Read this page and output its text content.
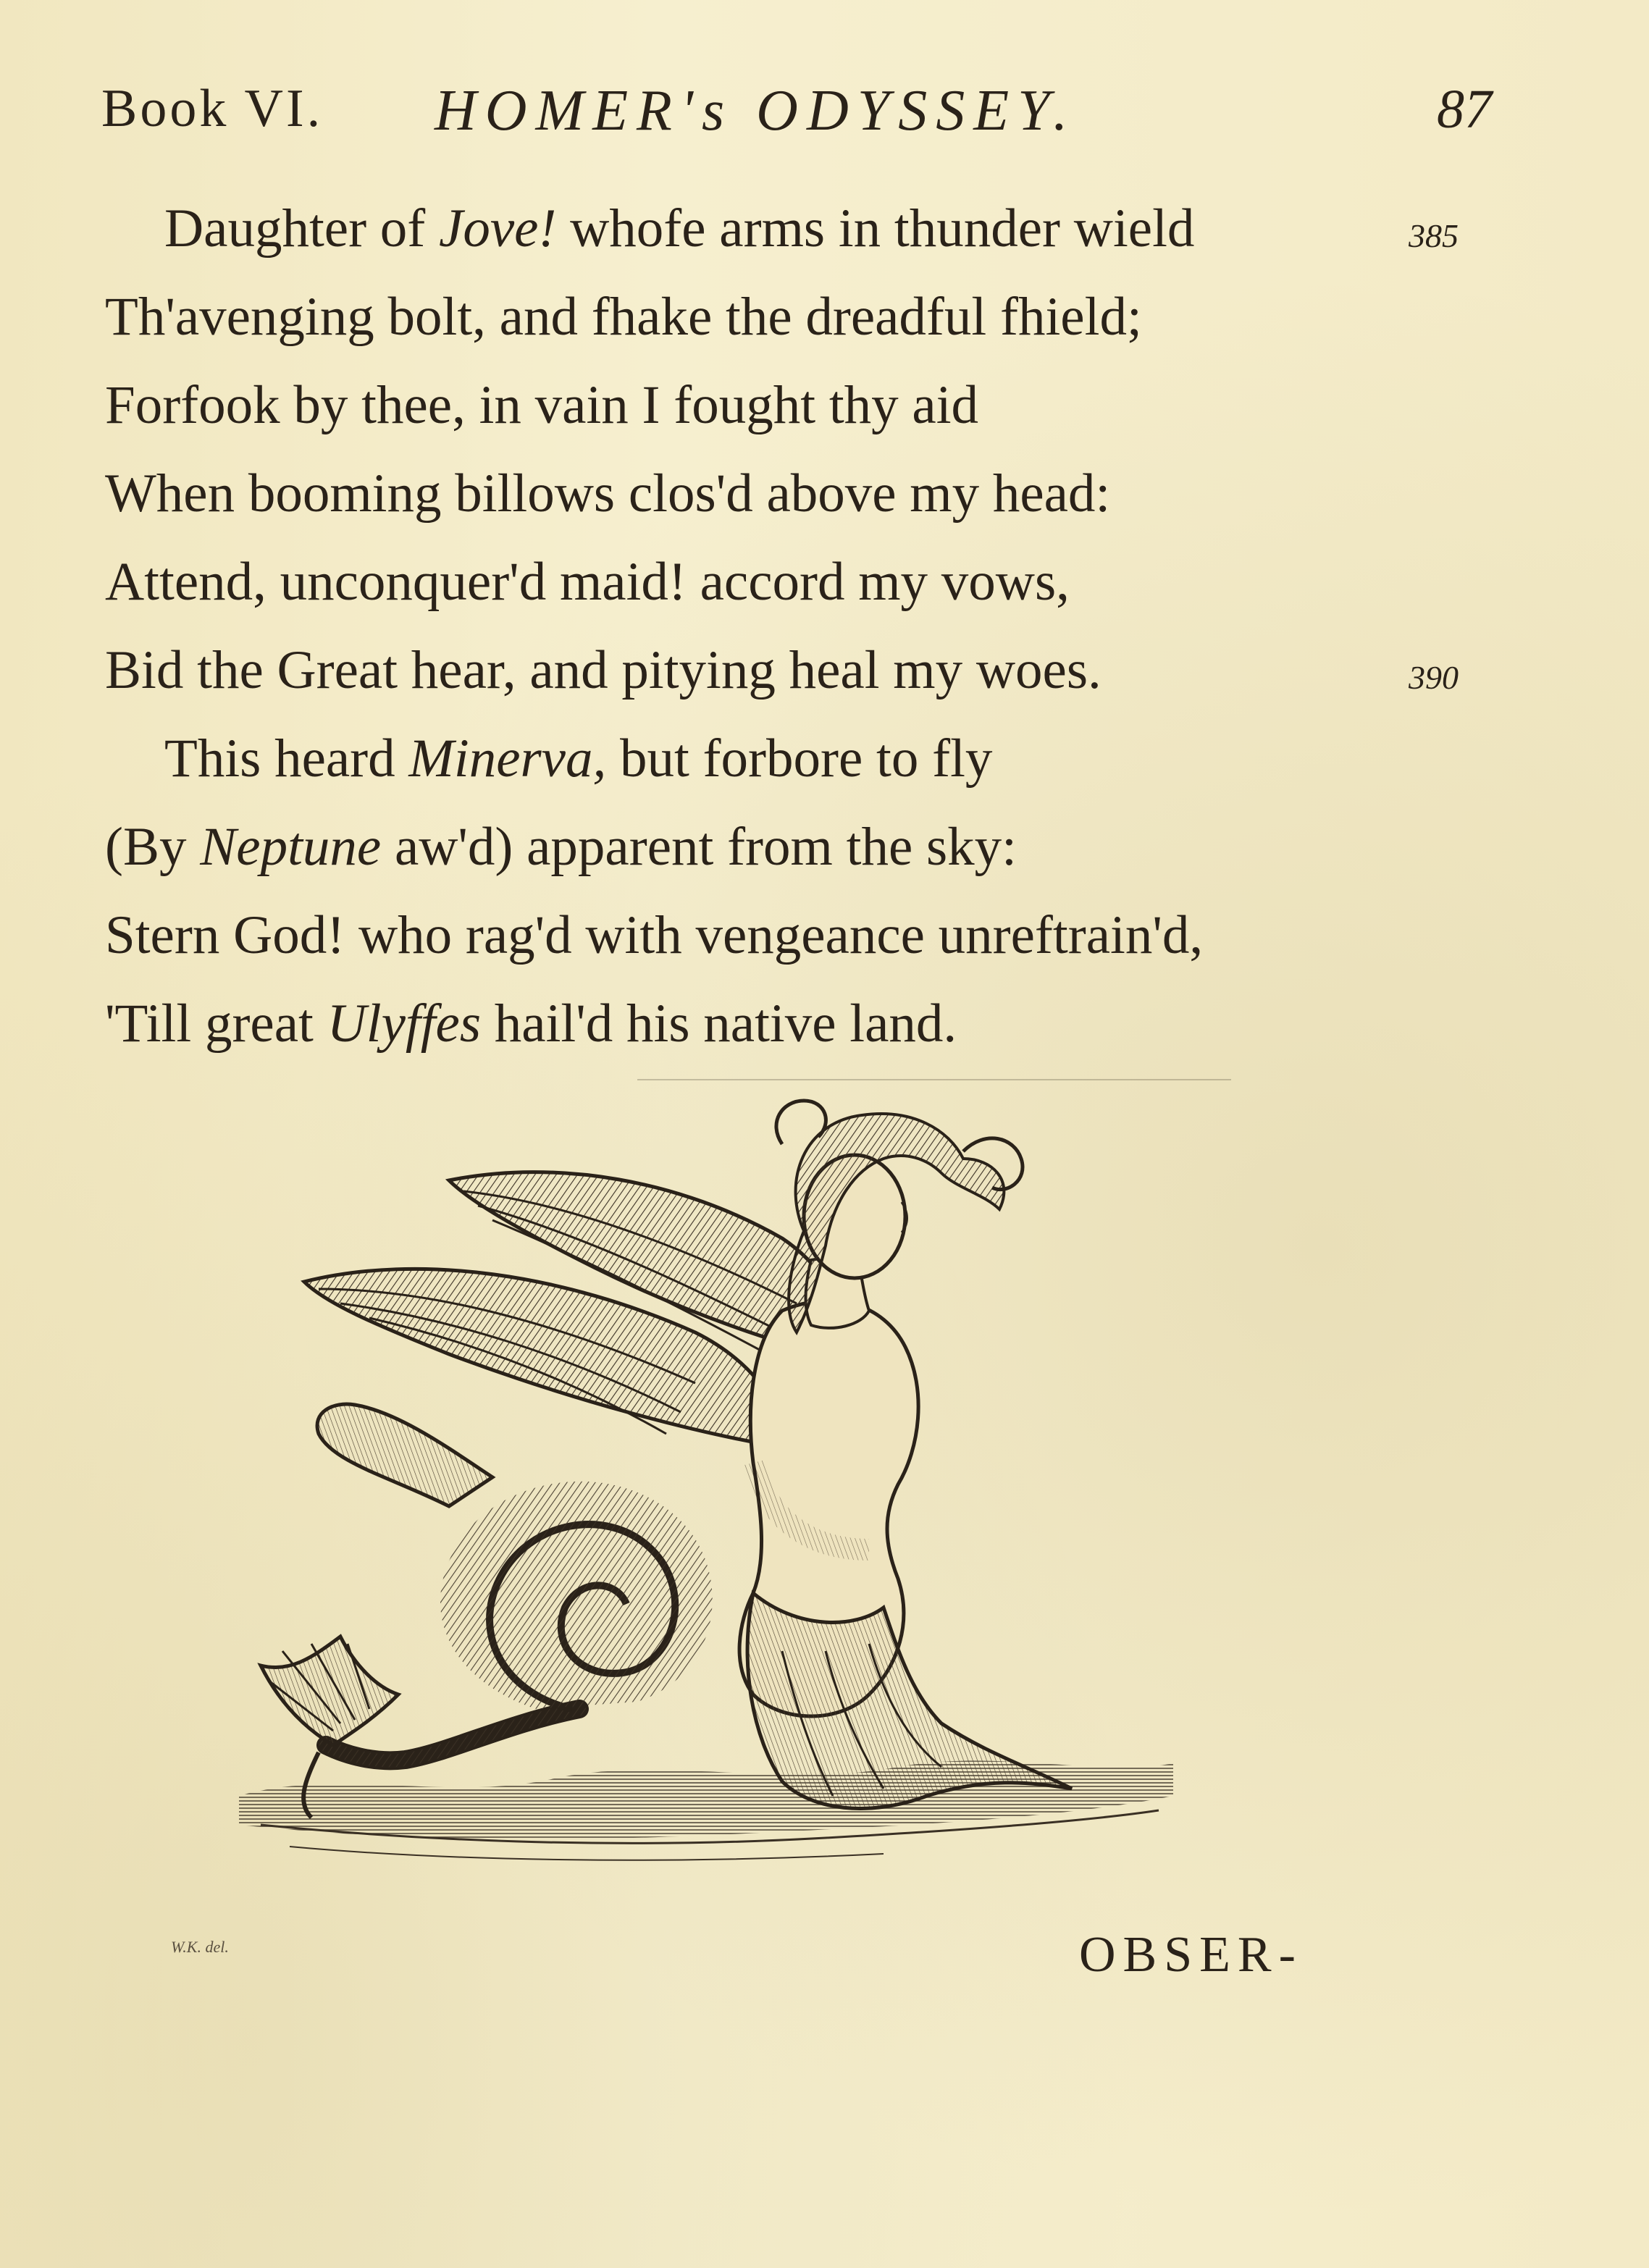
Book VI. HOMER's ODYSSEY.	87
Daughter of Jove! whofe arms in thunder wield	385
Th'avenging bolt, and fhake the dreadful fhield;
Forfook by thee, in vain I fought thy aid
When booming billows clos'd above my head:
Attend, unconquer'd maid! accord my vows,
Bid the Great hear, and pitying heal my woes.	390
This heard Minerva, but forbore to fly
(By Neptune aw'd) apparent from the sky:
Stern God! who rag'd with vengeance unreftrain'd,
'Till great Ulyffes hail'd his native land.
W.K. del.	OBSER-
